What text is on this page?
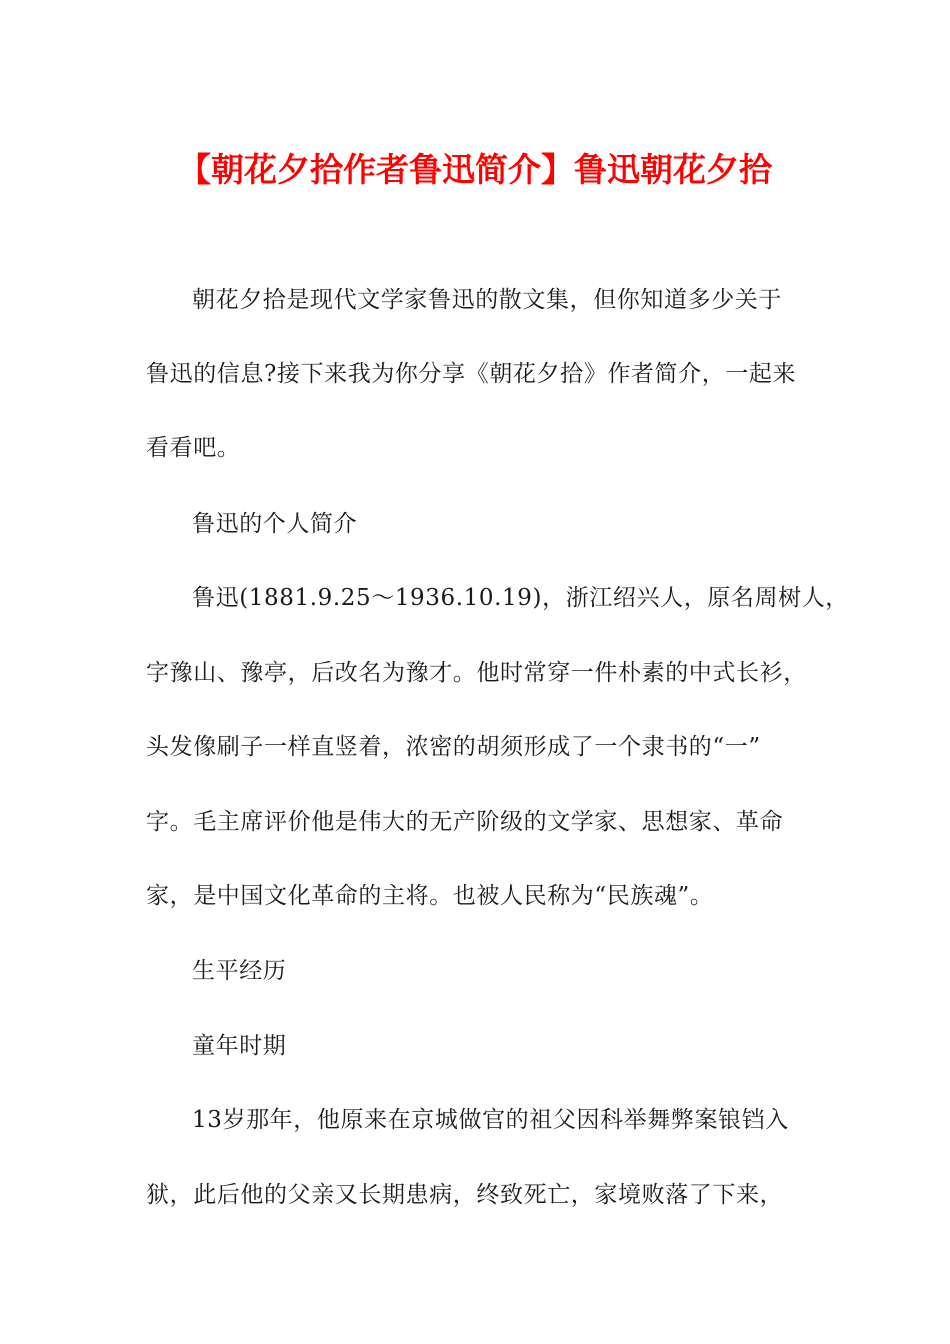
【朝花夕拾作者鲁迅简介】鲁迅朝花夕拾
朝花夕拾是现代文学家鲁迅的散文集，但你知道多少关于
鲁迅的信息?接下来我为你分享《朝花夕拾》作者简介，一起来
看看吧。
鲁迅的个人简介
鲁迅(1881.9.25～1936.10.19)，浙江绍兴人，原名周树人，
字豫山、豫亭，后改名为豫才。他时常穿一件朴素的中式长衫，
头发像刷子一样直竖着，浓密的胡须形成了一个隶书的“一”
字。毛主席评价他是伟大的无产阶级的文学家、思想家、革命
家，是中国文化革命的主将。也被人民称为“民族魂”。
生平经历
童年时期
13岁那年，他原来在京城做官的祖父因科举舞弊案锒铛入
狱，此后他的父亲又长期患病，终致死亡，家境败落了下来，
